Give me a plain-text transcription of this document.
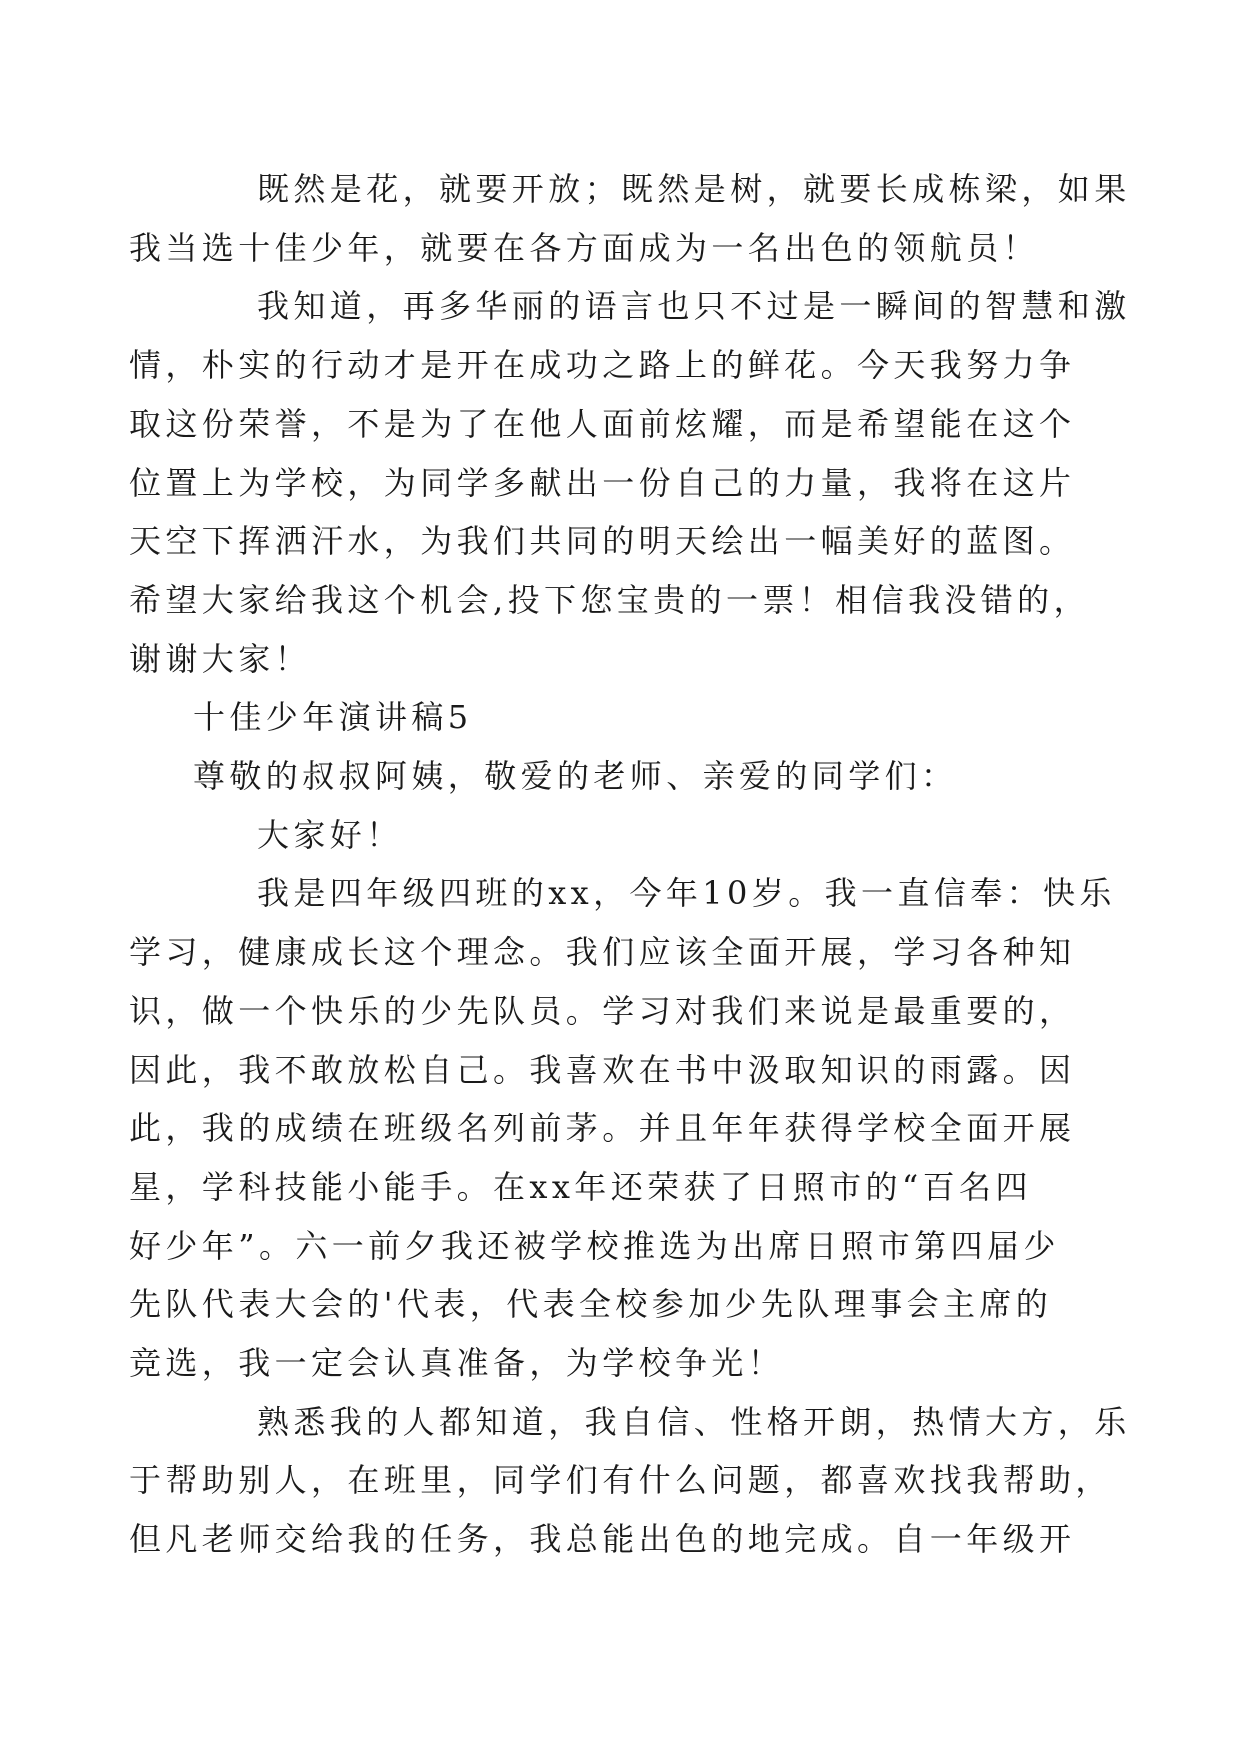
既然是花，就要开放；既然是树，就要长成栋梁，如果
我当选十佳少年，就要在各方面成为一名出色的领航员！

我知道，再多华丽的语言也只不过是一瞬间的智慧和激
情，朴实的行动才是开在成功之路上的鲜花。今天我努力争
取这份荣誉，不是为了在他人面前炫耀，而是希望能在这个
位置上为学校，为同学多献出一份自己的力量，我将在这片
天空下挥洒汗水，为我们共同的明天绘出一幅美好的蓝图。
希望大家给我这个机会,投下您宝贵的一票！相信我没错的，
谢谢大家！

十佳少年演讲稿5

尊敬的叔叔阿姨，敬爱的老师、亲爱的同学们：

大家好！

我是四年级四班的xx，今年10岁。我一直信奉：快乐
学习，健康成长这个理念。我们应该全面开展，学习各种知
识，做一个快乐的少先队员。学习对我们来说是最重要的，
因此，我不敢放松自己。我喜欢在书中汲取知识的雨露。因
此，我的成绩在班级名列前茅。并且年年获得学校全面开展
星，学科技能小能手。在xx年还荣获了日照市的“百名四
好少年”。六一前夕我还被学校推选为出席日照市第四届少
先队代表大会的'代表，代表全校参加少先队理事会主席的
竞选，我一定会认真准备，为学校争光！

熟悉我的人都知道，我自信、性格开朗，热情大方，乐
于帮助别人，在班里，同学们有什么问题，都喜欢找我帮助，
但凡老师交给我的任务，我总能出色的地完成。自一年级开
